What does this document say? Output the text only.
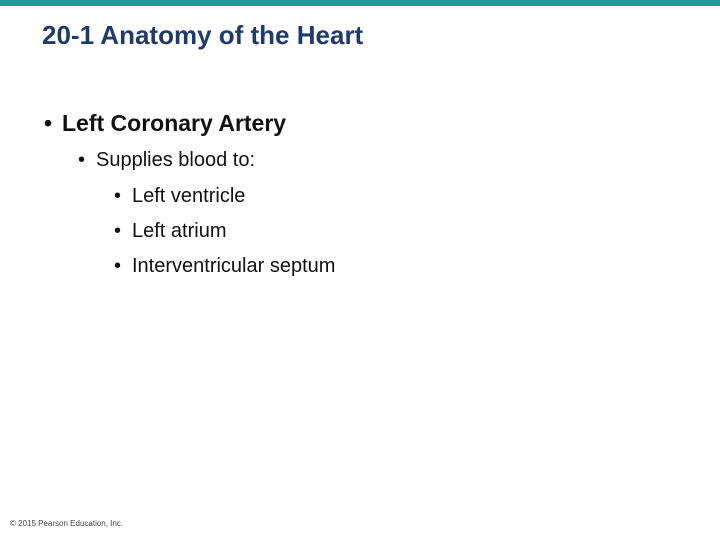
20-1 Anatomy of the Heart
• Left Coronary Artery
• Supplies blood to:
• Left ventricle
• Left atrium
• Interventricular septum
© 2015 Pearson Education, Inc.
